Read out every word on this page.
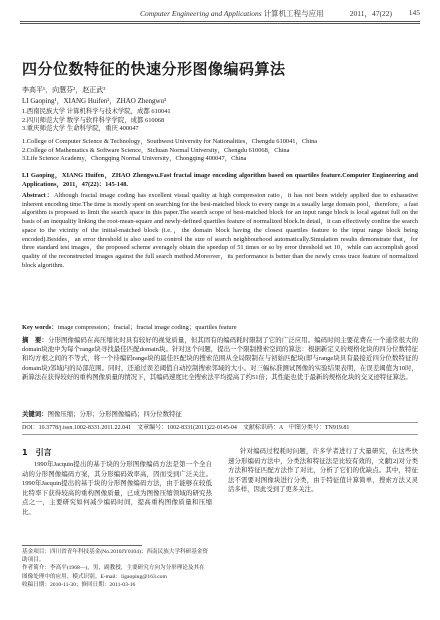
Computer Engineering and Applications 计算机工程与应用	2011，47(22) 145
四分位数特征的快速分形图像编码算法
李高平¹，向慧芬²，赵正武³
LI Gaoping¹，XIANG Huifen²，ZHAO Zhengwu³
1.西南民族大学 计算机科学与技术学院，成都 610041
2.四川师范大学 数学与软件科学学院，成都 610068
3.重庆师范大学 生命科学院，重庆 400047
1.College of Computer Science & Technology，Southwest University for Nationalities，Chengdu 610041，China
2.College of Mathematics & Software Science，Sichuan Normal University，Chengdu 610068，China
3.Life Science Academy，Chongqing Normal University，Chongqing 400047，China
LI Gaoping，XIANG Huifen，ZHAO Zhengwu.Fast fractal image encoding algorithm based on quartiles feature.Computer Engineering and Applications，2011，47(22)：145-148.
Abstract：Although fractal image coding has excellent visual quality at high compression ratio，it has not been widely applied due to exhaustive inherent encoding time.The time is mostly spent on searching for the best-matched block to every range in a usually large domain pool，therefore，a fast algorithm is proposed to limit the search space in this paper.The search scope of best-matched block for an input range block is local against full on the basis of an inequality linking the root-mean-square and newly-defined quartiles feature of normalized block.In detail，it can effectively confine the search space to the vicinity of the initial-matched block (i.e.，the domain block having the closest quartiles feature to the input range block being encoded).Besides，an error threshold is also used to control the size of search neighbourhood automatically.Simulation results demonstrate that，for three standard test images，the proposed scheme averagely obtain the speedup of 51 times or so by error threshold set 10，while can accomplish good quality of the reconstructed images against the full search method.Moreover，its performance is better than the newly cross trace feature of normalized block algorithm.
Key words：image compression；fractal；fractal image coding；quartiles feature
摘　要：分形图像编码在高压缩比时具有较好的视觉质量，但其固有的编码耗时限制了它的广泛应用。编码时间主要花费在一个通常很大的domain块池中为每个range块寻找最佳匹配domain块。针对这个问题，提出一个限制搜索空间的算法：根据新定义的规格化块的四分位数特征和均方根之间的不等式，将一个待编码range块的最佳匹配块的搜索范围从全局限制在与初始匹配块(即与range块具有最接近四分位数特征的domain块)邻域内的局部范围。同时，还通过误差阈值自动控制搜索邻域的大小。对三幅标准测试图像的实验结果表明，在误差阈值为10时，新算法在获得较好的重构图像质量的情况下，其编码速度比全搜索法平均提高了约51倍；其性能也优于最新的规格化块的交叉迹特征算法。
关键词：图像压缩；分形；分形图像编码；四分位数特征
DOI：10.3778/j.issn.1002-8331.2011.22.041　文章编号：1002-8331(2011)22-0145-04　文献标识码：A　中图分类号：TN919.81
1　引言
1990年Jacquin提出的基于块的分形图像编码方法是第一个全自动的分形图像编码方案，其分形编码效率高，因而受到广泛关注。1990年Jacquin提出的基于块的分形图像编码方法，由于能够在较低比特率下获得较高的重构图像质量，已成为图像压缩领域的研究热点之一，主要研究如何减少编码时间，提高重构图像质量和压缩比。
针对编码过程耗时问题，许多学者进行了大量研究，在这些快速分形编码方法中，分类法和特征法是比较有效的，文献[2]对分类方法和特征匹配方法作了对比，分析了它们的优缺点。其中，特征法不需要对图像块进行分类，由于特征值计算简单，搜索方法又灵活多样，因此受到了更多关注。
基金项目：四川省青年科技基金(No.2010JY0104)；西南民族大学科研基金资助项目。
作者简介：李高平(1968—)，男，副教授，主要研究方向为分形理论及其在图像处理中的应用、模式识别。E-mail：ligaoping@163.com
收稿日期：2010-11-30；修回日期：2011-03-16
